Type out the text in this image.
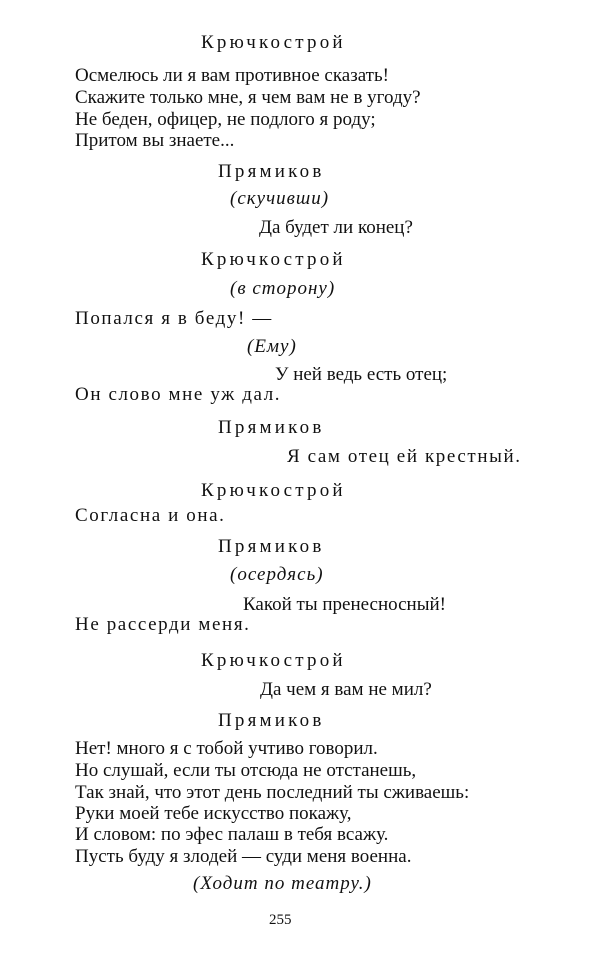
Крючкострой
Осмелюсь ли я вам противное сказать!
Скажите только мне, я чем вам не в угоду?
Не беден, офицер, не подлого я роду;
Притом вы знаете...
Прямиков
(скучивши)
Да будет ли конец?
Крючкострой
(в сторону)
Попался я в беду! —
(Ему)
У ней ведь есть отец;
Он слово мне уж дал.
Прямиков
Я сам отец ей крестный.
Крючкострой
Согласна и она.
Прямиков
(осердясь)
Какой ты пренесносный!
Не рассерди меня.
Крючкострой
Да чем я вам не мил?
Прямиков
Нет! много я с тобой учтиво говорил.
Но слушай, если ты отсюда не отстанешь,
Так знай, что этот день последний ты сживаешь:
Руки моей тебе искусство покажу,
И словом: по эфес палаш в тебя всажу.
Пусть буду я злодей — суди меня военна.
(Ходит по театру.)
255
